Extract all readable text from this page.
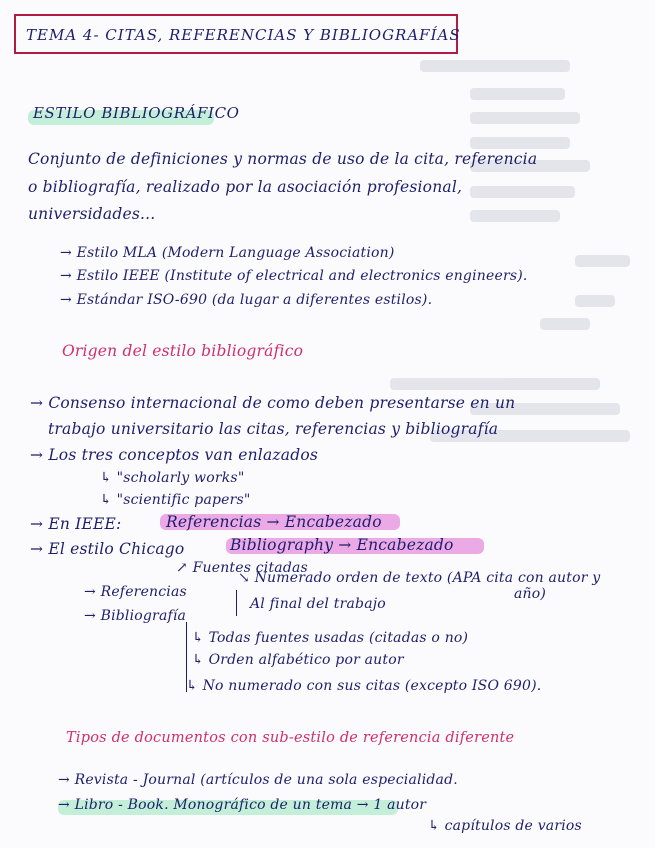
TEMA 4- CITAS, REFERENCIAS Y BIBLIOGRAFÍAS
ESTILO BIBLIOGRÁFICO
Conjunto de definiciones y normas de uso de la cita, referencia
o bibliografía, realizado por la asociación profesional,
universidades...
→ Estilo MLA (Modern Language Association)
→ Estilo IEEE (Institute of electrical and electronics engineers).
→ Estándar ISO-690 (da lugar a diferentes estilos).
Origen del estilo bibliográfico
→ Consenso internacional de como deben presentarse en un
trabajo universitario las citas, referencias y bibliografía
→ Los tres conceptos van enlazados
↳ "scholarly works"
↳ "scientific papers"
→ En IEEE:	Referencias → Encabezado
→ El estilo Chicago	Bibliography → Encabezado
↗ Fuentes citadas
→ Referencias
↘ Numerado orden de texto (APA cita con autor y
año)
Al final del trabajo
→ Bibliografía
↳ Todas fuentes usadas (citadas o no)
↳ Orden alfabético por autor
↳ No numerado con sus citas (excepto ISO 690).
Tipos de documentos con sub-estilo de referencia diferente
→ Revista - Journal (artículos de una sola especialidad.
→ Libro - Book. Monográfico de un tema → 1 autor
↳ capítulos de varios
